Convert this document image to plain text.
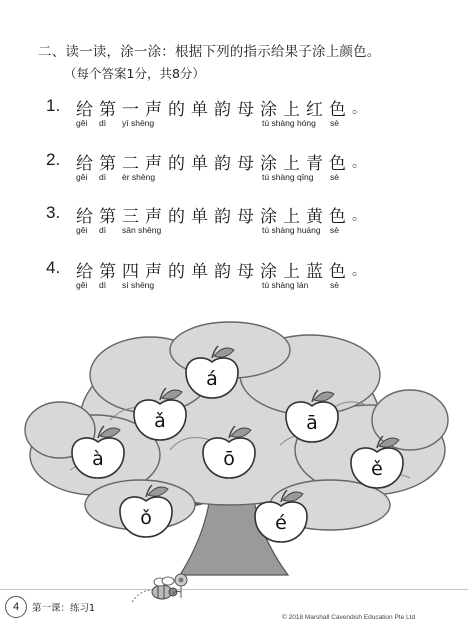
二、读一读，涂一涂：根据下列的指示给果子涂上颜色。
（每个答案1分，共8分）
1. 给 第 一 声 的 单 韵 母 涂 上 红 色
gěi dì yī shēng	tú shàng hóng sè
。
2. 给 第 二 声 的 单 韵 母 涂 上 青 色
gěi dì èr shēng	tú shàng qīng sè
。
3. 给 第 三 声 的 单 韵 母 涂 上 黄 色
gěi dì sān shēng	tú shàng huáng sè
。
4. 给 第 四 声 的 单 韵 母 涂 上 蓝 色
gěi dì sì shēng	tú shàng lán	sè
。
á
ǎ	ā
à	ō	ě
ǒ	é
4	第一课：练习1
© 2018 Marshall Cavendish Education Pte Ltd
